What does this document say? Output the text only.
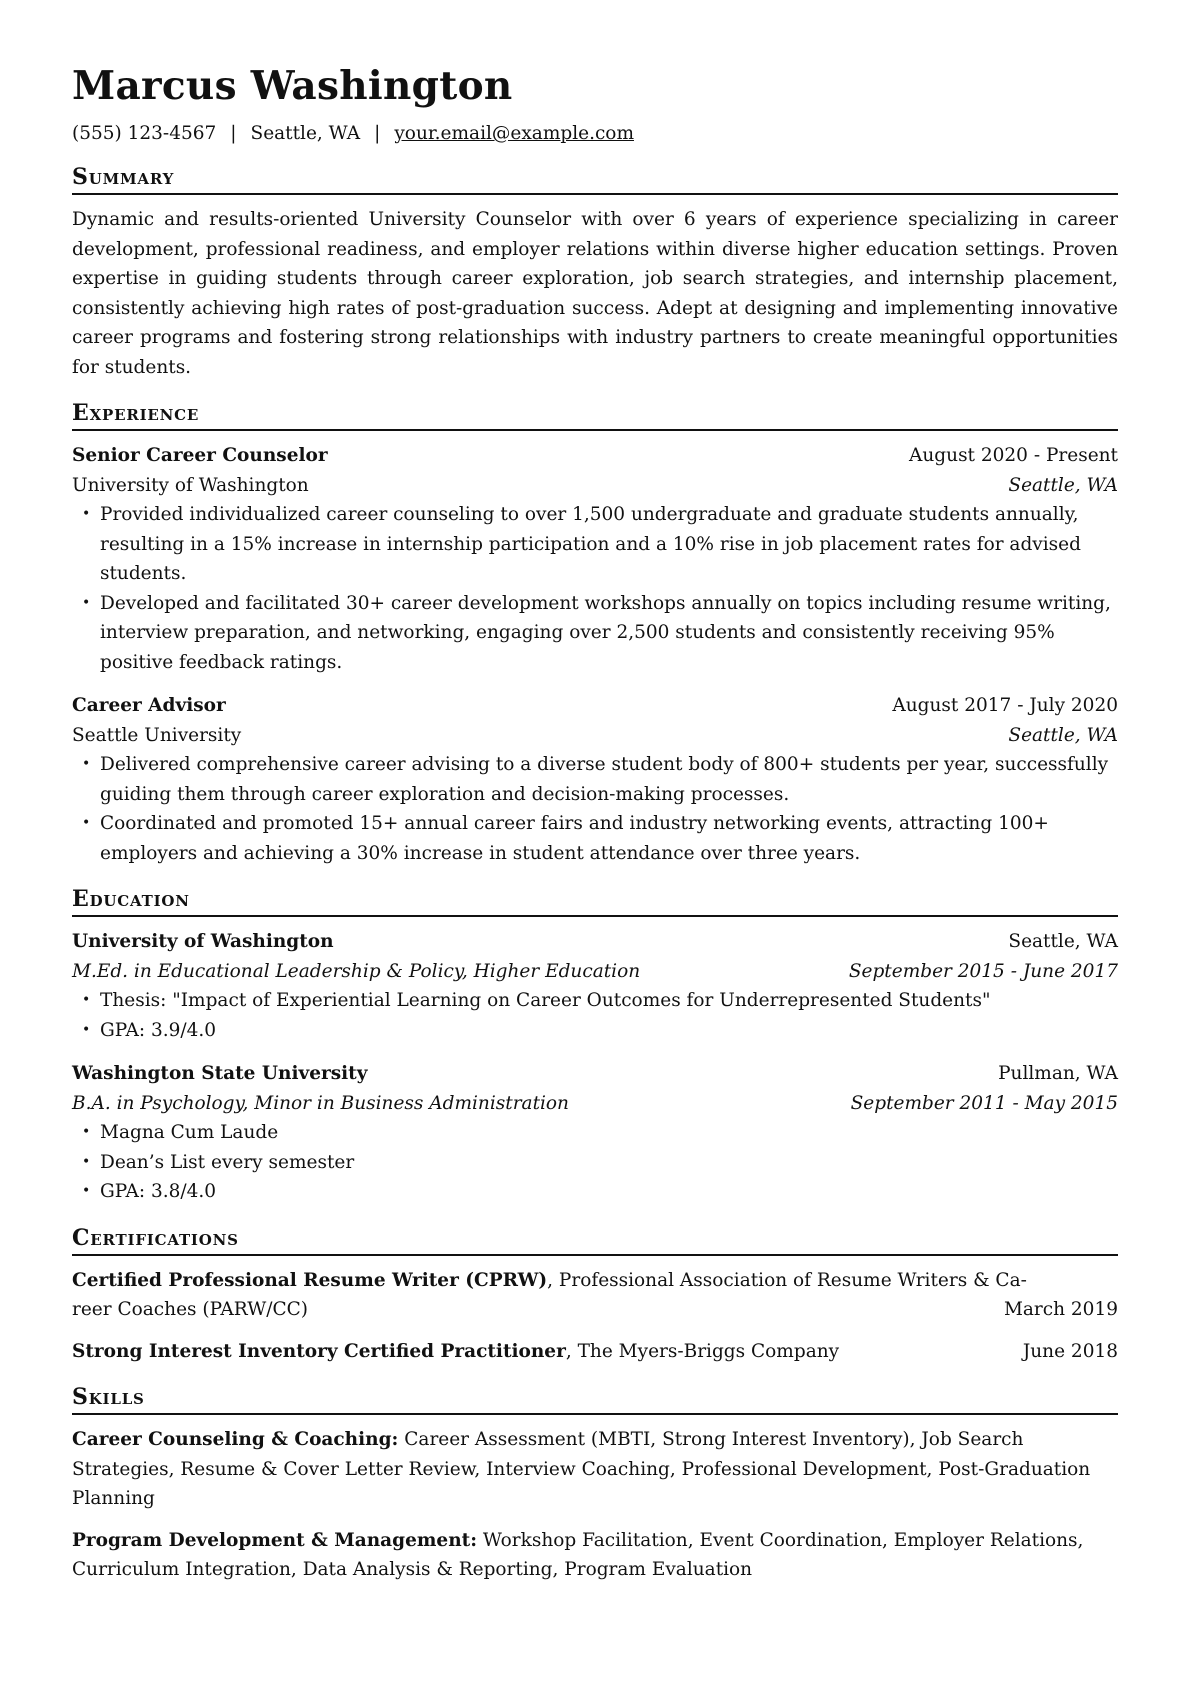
Marcus Washington
(555) 123-4567 | Seattle, WA | your.email@example.com
Summary

Dynamic and results-oriented University Counselor with over 6 years of experience specializing in career development, professional readiness, and employer relations within diverse higher education settings. Proven expertise in guiding students through career exploration, job search strategies, and internship placement, consistently achieving high rates of post-graduation success. Adept at designing and implementing innovative career programs and fostering strong relationships with industry partners to create meaningful opportunities for students.

Experience
Senior Career Counselor	August 2020 - Present
University of Washington	Seattle, WA
• Provided individualized career counseling to over 1,500 undergraduate and graduate students annually, resulting in a 15% increase in internship participation and a 10% rise in job placement rates for advised students.
• Developed and facilitated 30+ career development workshops annually on topics including resume writing, interview preparation, and networking, engaging over 2,500 students and consistently receiving 95% positive feedback ratings.
Career Advisor	August 2017 - July 2020
Seattle University	Seattle, WA
• Delivered comprehensive career advising to a diverse student body of 800+ students per year, successfully guiding them through career exploration and decision-making processes.
• Coordinated and promoted 15+ annual career fairs and industry networking events, attracting 100+ employers and achieving a 30% increase in student attendance over three years.
Education
University of Washington	Seattle, WA
M.Ed. in Educational Leadership & Policy, Higher Education	September 2015 - June 2017
• Thesis: "Impact of Experiential Learning on Career Outcomes for Underrepresented Students"
• GPA: 3.9/4.0
Washington State University	Pullman, WA
B.A. in Psychology, Minor in Business Administration	September 2011 - May 2015
• Magna Cum Laude
• Dean’s List every semester
• GPA: 3.8/4.0
Certifications
Certified Professional Resume Writer (CPRW), Professional Association of Resume Writers & Ca-
reer Coaches (PARW/CC)	March 2019
Strong Interest Inventory Certified Practitioner, The Myers-Briggs Company	June 2018
Skills

Career Counseling & Coaching: Career Assessment (MBTI, Strong Interest Inventory), Job Search Strategies, Resume & Cover Letter Review, Interview Coaching, Professional Development, Post-Graduation Planning

Program Development & Management: Workshop Facilitation, Event Coordination, Employer Relations, Curriculum Integration, Data Analysis & Reporting, Program Evaluation
